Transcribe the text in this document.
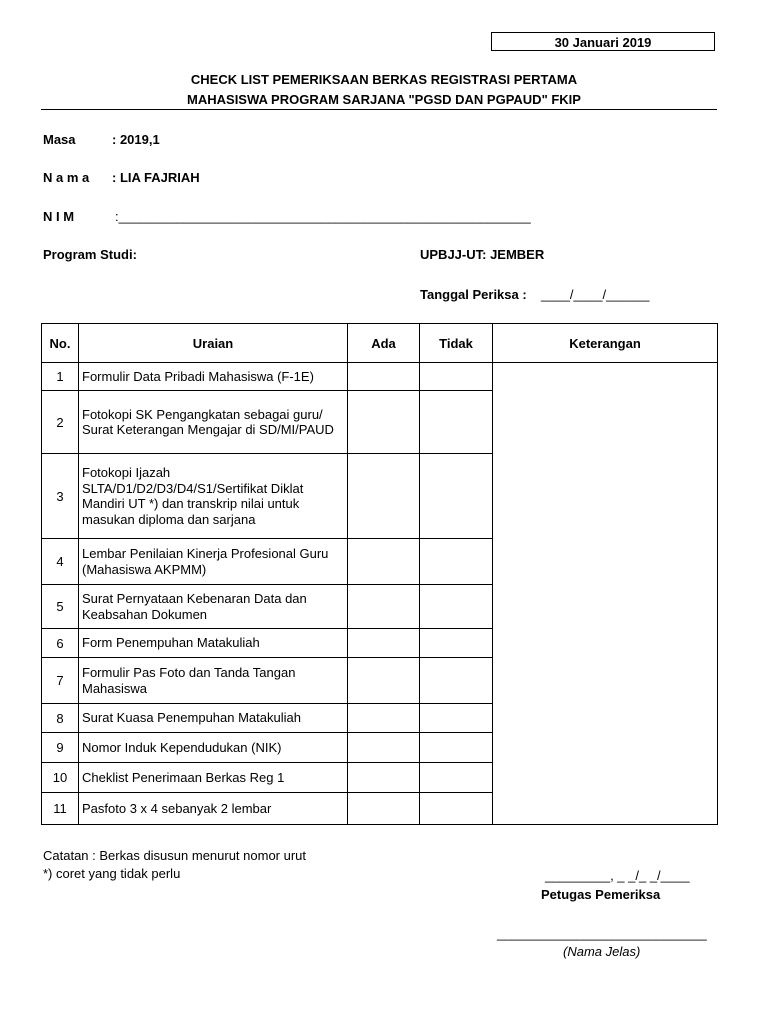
30 Januari 2019
CHECK LIST PEMERIKSAAN BERKAS REGISTRASI PERTAMA
MAHASISWA PROGRAM SARJANA "PGSD DAN PGPAUD" FKIP
Masa	: 2019,1
N a m a : LIA FAJRIAH
N I M	:_________________________________________________________
Program Studi:	UPBJJ-UT: JEMBER
Tanggal Periksa : ____/____/______
No.	Uraian	Ada	Tidak	Keterangan
1	Formulir Data Pribadi Mahasiswa (F-1E)			
2	Fotokopi SK Pengangkatan sebagai guru/ Surat Keterangan Mengajar di SD/MI/PAUD			
3	Fotokopi Ijazah SLTA/D1/D2/D3/D4/S1/Sertifikat Diklat Mandiri UT *) dan transkrip nilai untuk masukan diploma dan sarjana			
4	Lembar Penilaian Kinerja Profesional Guru (Mahasiswa AKPMM)			
5	Surat Pernyataan Kebenaran Data dan Keabsahan Dokumen			
6	Form Penempuhan Matakuliah			
7	Formulir Pas Foto dan Tanda Tangan Mahasiswa			
8	Surat Kuasa Penempuhan Matakuliah			
9	Nomor Induk Kependudukan (NIK)			
10	Cheklist Penerimaan Berkas Reg 1			
11	Pasfoto 3 x 4 sebanyak 2 lembar			
Catatan : Berkas disusun menurut nomor urut
*) coret yang tidak perlu	_________, _ _/_ _/____
Petugas Pemeriksa
_____________________________
(Nama Jelas)
